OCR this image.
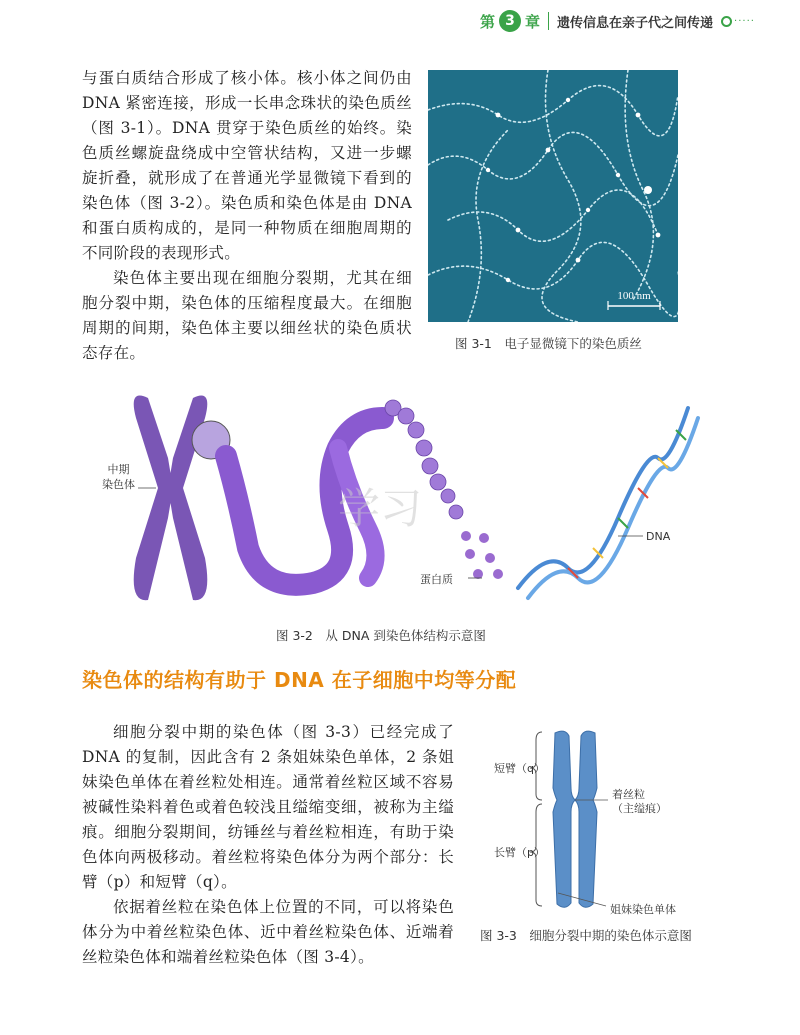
第 3 章 遗传信息在亲子代之间传递 ·····

与蛋白质结合形成了核小体。核小体之间仍由 DNA 紧密连接，形成一长串念珠状的染色质丝（图 3-1）。DNA 贯穿于染色质丝的始终。染色质丝螺旋盘绕成中空管状结构，又进一步螺旋折叠，就形成了在普通光学显微镜下看到的染色体（图 3-2）。染色质和染色体是由 DNA 和蛋白质构成的，是同一种物质在细胞周期的不同阶段的表现形式。

染色体主要出现在细胞分裂期，尤其在细胞分裂中期，染色体的压缩程度最大。在细胞周期的间期，染色体主要以细丝状的染色质状态存在。

100 nm
图 3-1　电子显微镜下的染色质丝
学习
中期
染色体
DNA
蛋白质
图 3-2　从 DNA 到染色体结构示意图
染色体的结构有助于 DNA 在子细胞中均等分配

细胞分裂中期的染色体（图 3-3）已经完成了 DNA 的复制，因此含有 2 条姐妹染色单体，2 条姐妹染色单体在着丝粒处相连。通常着丝粒区域不容易被碱性染料着色或着色较浅且缢缩变细，被称为主缢痕。细胞分裂期间，纺锤丝与着丝粒相连，有助于染色体向两极移动。着丝粒将染色体分为两个部分：长臂（p）和短臂（q）。

依据着丝粒在染色体上位置的不同，可以将染色体分为中着丝粒染色体、近中着丝粒染色体、近端着丝粒染色体和端着丝粒染色体（图 3-4）。

短臂（q）
长臂（p）
着丝粒
（主缢痕）
姐妹染色单体
图 3-3　细胞分裂中期的染色体示意图
